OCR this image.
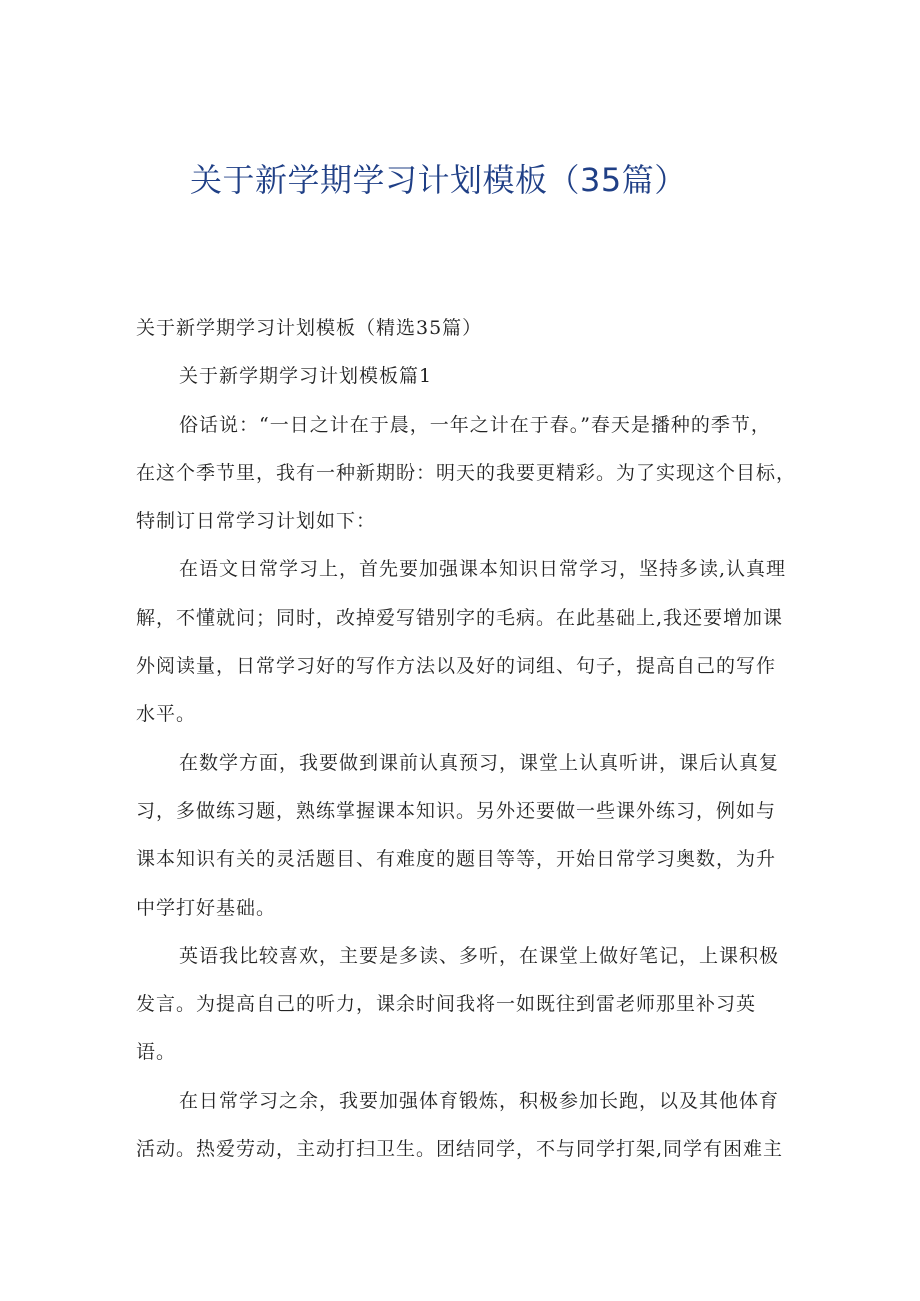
关于新学期学习计划模板（35篇）
关于新学期学习计划模板（精选35篇）
关于新学期学习计划模板篇1
俗话说：“一日之计在于晨，一年之计在于春。”春天是播种的季节，
在这个季节里，我有一种新期盼：明天的我要更精彩。为了实现这个目标，
特制订日常学习计划如下：
在语文日常学习上，首先要加强课本知识日常学习，坚持多读,认真理
解，不懂就问；同时，改掉爱写错别字的毛病。在此基础上,我还要增加课
外阅读量，日常学习好的写作方法以及好的词组、句子，提高自己的写作
水平。
在数学方面，我要做到课前认真预习，课堂上认真听讲，课后认真复
习，多做练习题，熟练掌握课本知识。另外还要做一些课外练习，例如与
课本知识有关的灵活题目、有难度的题目等等，开始日常学习奥数，为升
中学打好基础。
英语我比较喜欢，主要是多读、多听，在课堂上做好笔记，上课积极
发言。为提高自己的听力，课余时间我将一如既往到雷老师那里补习英
语。
在日常学习之余，我要加强体育锻炼，积极参加长跑，以及其他体育
活动。热爱劳动，主动打扫卫生。团结同学，不与同学打架,同学有困难主
